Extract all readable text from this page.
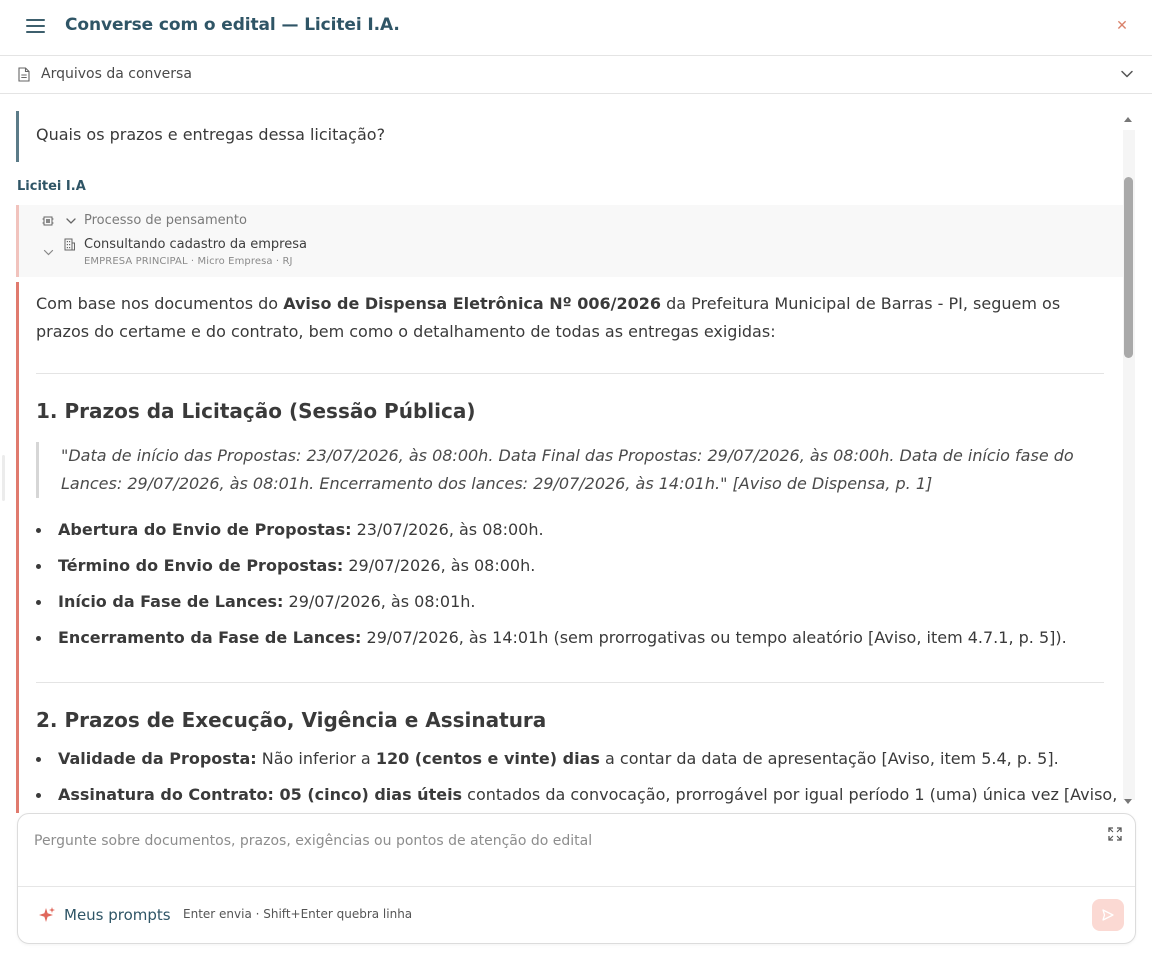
Converse com o edital — Licitei I.A.	✕
Arquivos da conversa

Quais os prazos e entregas dessa licitação?

Licitei I.A
Processo de pensamento
Consultando cadastro da empresa
EMPRESA PRINCIPAL · Micro Empresa · RJ
Com base nos documentos do Aviso de Dispensa Eletrônica Nº 006/2026 da Prefeitura Municipal de Barras - PI, seguem os prazos do certame e do contrato, bem como o detalhamento de todas as entregas exigidas:
1. Prazos da Licitação (Sessão Pública)
"Data de início das Propostas: 23/07/2026, às 08:00h. Data Final das Propostas: 29/07/2026, às 08:00h. Data de início fase do Lances: 29/07/2026, às 08:01h. Encerramento dos lances: 29/07/2026, às 14:01h." [Aviso de Dispensa, p. 1]
Abertura do Envio de Propostas: 23/07/2026, às 08:00h.
Término do Envio de Propostas: 29/07/2026, às 08:00h.
Início da Fase de Lances: 29/07/2026, às 08:01h.
Encerramento da Fase de Lances: 29/07/2026, às 14:01h (sem prorrogativas ou tempo aleatório [Aviso, item 4.7.1, p. 5]).
2. Prazos de Execução, Vigência e Assinatura
Validade da Proposta: Não inferior a 120 (centos e vinte) dias a contar da data de apresentação [Aviso, item 5.4, p. 5].
Assinatura do Contrato: 05 (cinco) dias úteis contados da convocação, prorrogável por igual período 1 (uma) única vez [Aviso,
Pergunte sobre documentos, prazos, exigências ou pontos de atenção do edital
Meus prompts Enter envia · Shift+Enter quebra linha
